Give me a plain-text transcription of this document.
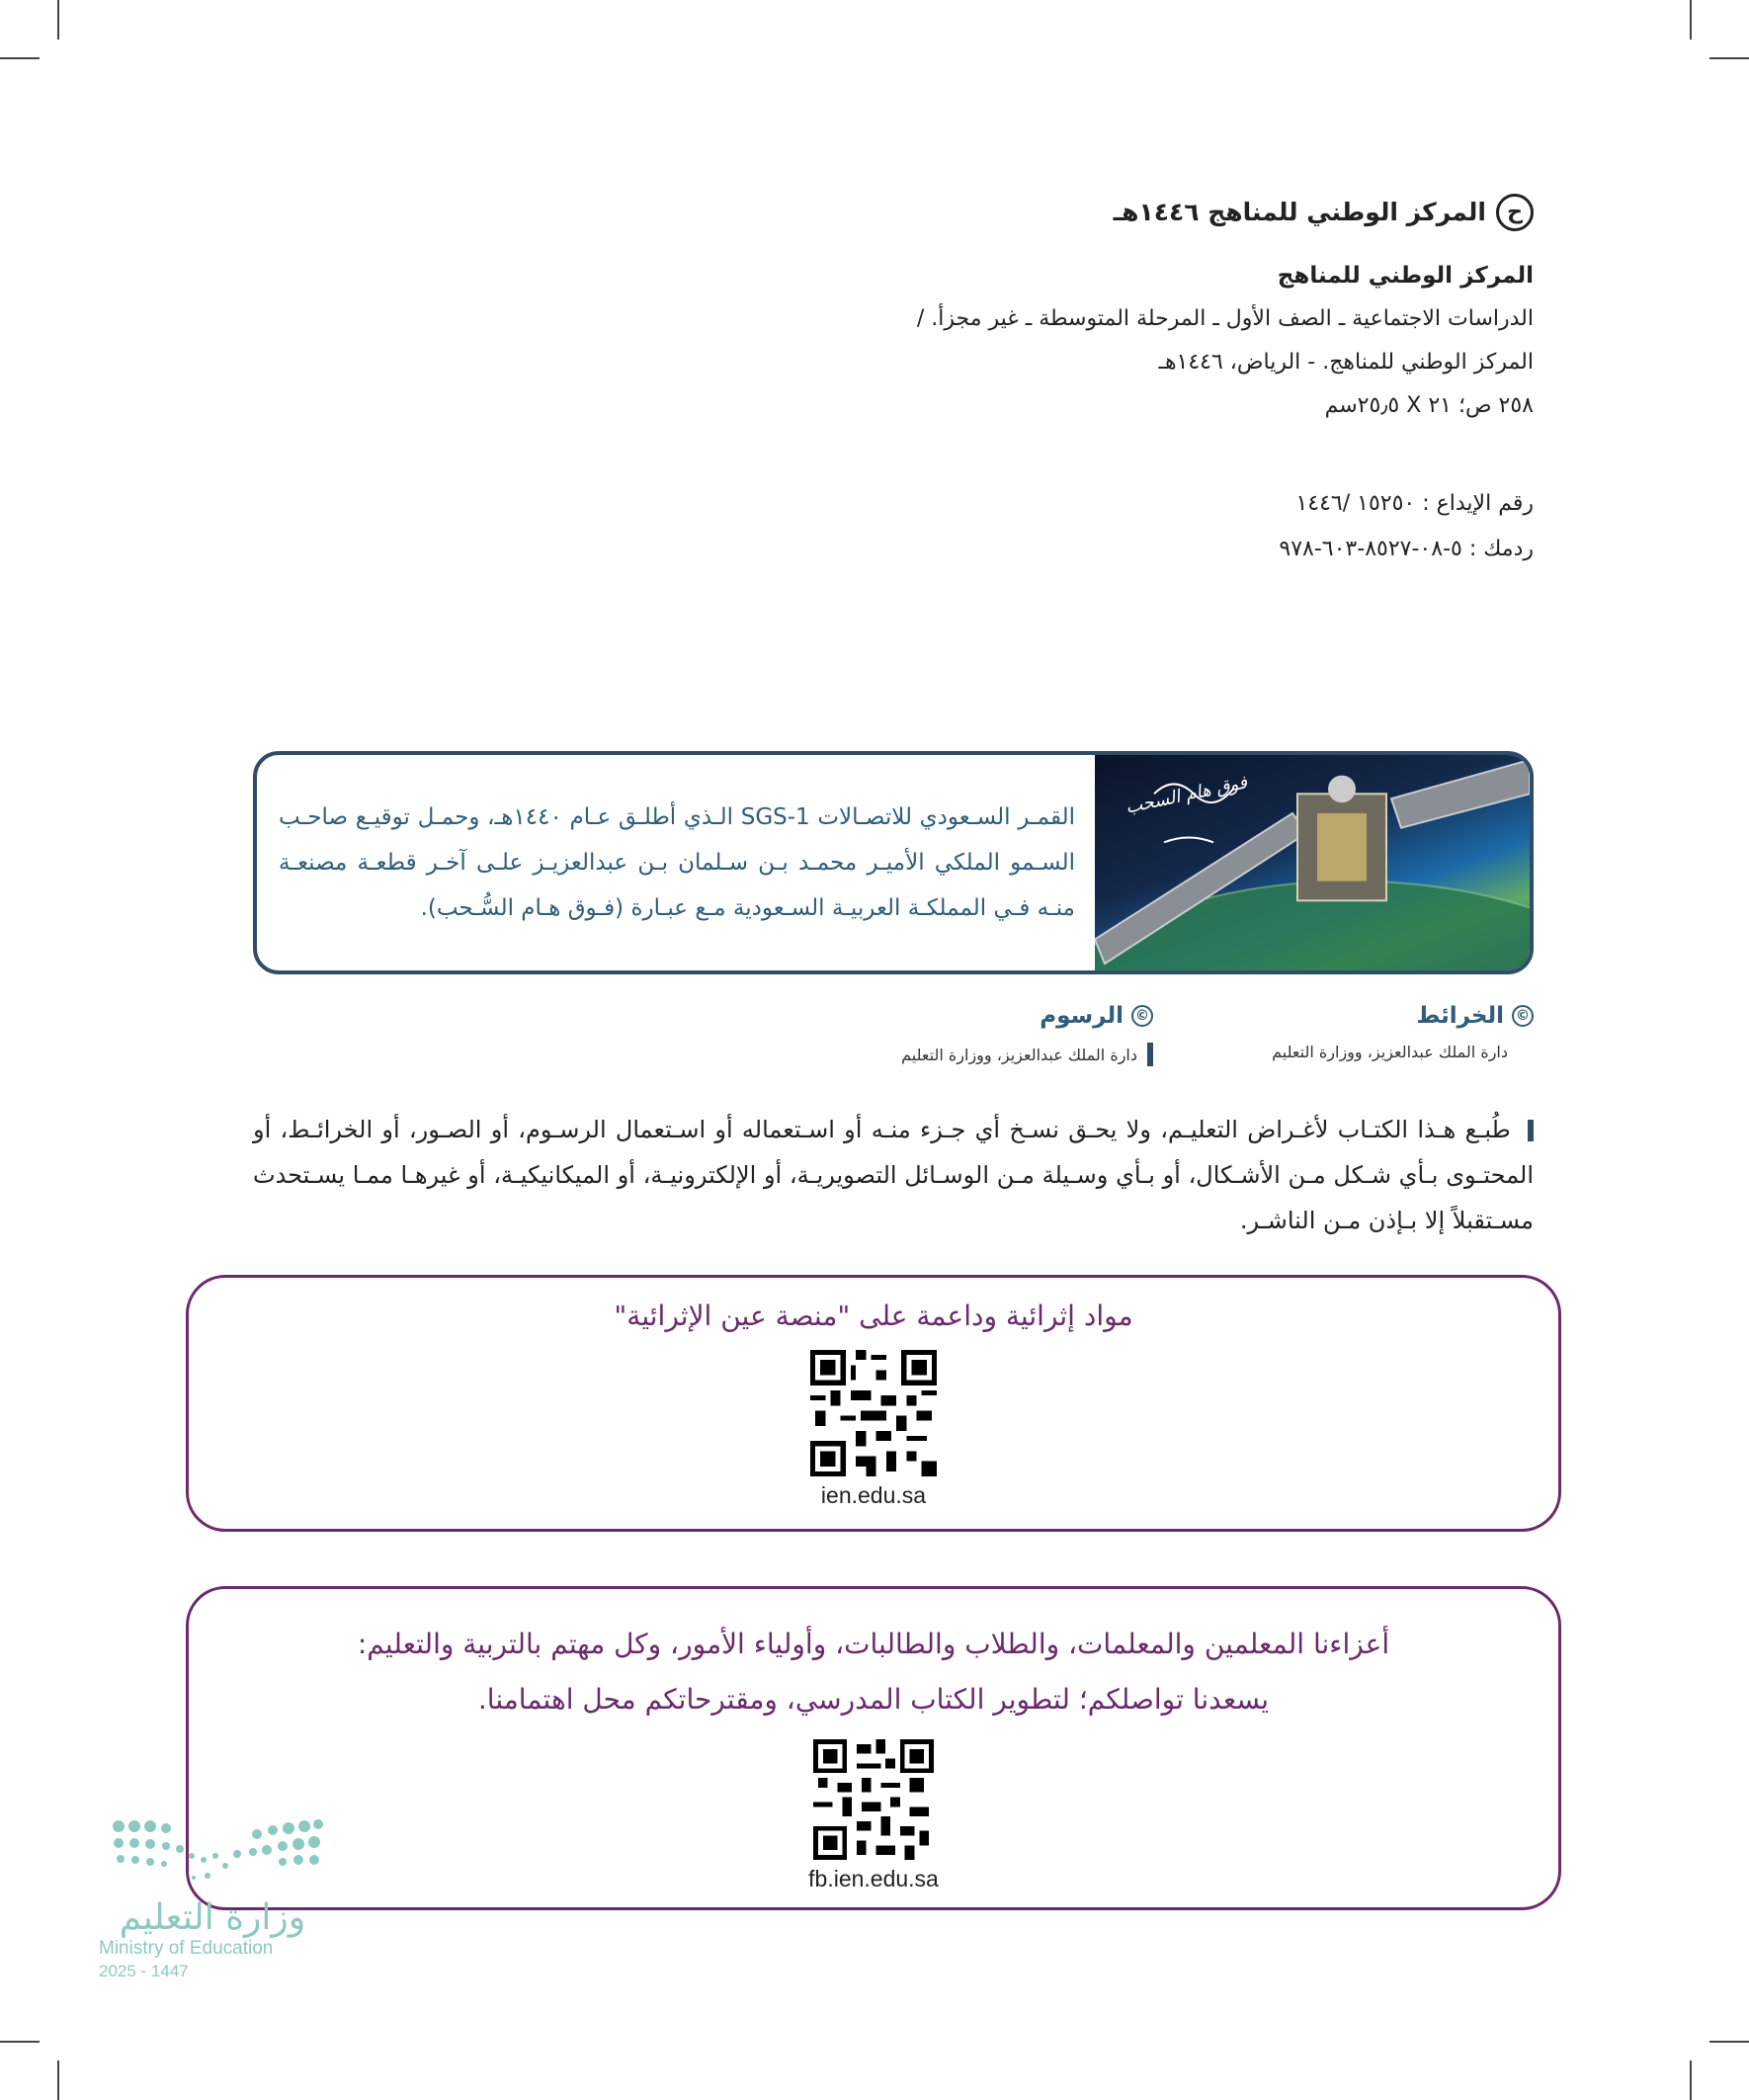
ح
المركز الوطني للمناهج ١٤٤٦هـ
المركز الوطني للمناهج
الدراسات الاجتماعية ـ الصف الأول ـ المرحلة المتوسطة ـ غير مجزأ. /
المركز الوطني للمناهج. - الرياض، ١٤٤٦هـ
٢٥٨ ص؛ ٢١ X ٢٥٫٥سم
رقم الإيداع : ١٥٢٥٠ /١٤٤٦
ردمك : ٥-٠٨-٨٥٢٧-٦٠٣-٩٧٨
فوق هام السحب
القمـر السـعودي للاتصـالات SGS-1 الـذي أطلـق عـام ١٤٤٠هـ، وحمـل توقيـع صاحـب السـمو الملكي الأميـر محمـد بـن سـلمان بـن عبدالعزيـز علـى آخـر قطعـة مصنعـة منـه فـي المملكـة العربيـة السـعودية مـع عبـارة (فـوق هـام السُّـحب).
©
الخرائط
دارة الملك عبدالعزيز، ووزارة التعليم
©
الرسوم
دارة الملك عبدالعزيز، ووزارة التعليم
طُبـع هـذا الكتـاب لأغـراض التعليـم، ولا يحـق نسـخ أي جـزء منـه أو اسـتعماله أو اسـتعمال الرسـوم، أو الصـور، أو الخرائـط، أو المحتـوى بـأي شـكل مـن الأشـكال، أو بـأي وسـيلة مـن الوسـائل التصويريـة، أو الإلكترونيـة، أو الميكانيكيـة، أو غيرهـا ممـا يسـتحدث مسـتقبلاً إلا بـإذن مـن الناشـر.
مواد إثرائية وداعمة على "منصة عين الإثرائية"
ien.edu.sa
أعزاءنا المعلمين والمعلمات، والطلاب والطالبات، وأولياء الأمور، وكل مهتم بالتربية والتعليم:
يسعدنا تواصلكم؛ لتطوير الكتاب المدرسي، ومقترحاتكم محل اهتمامنا.
fb.ien.edu.sa
وزارة التعليم
Ministry of Education
2025 - 1447
